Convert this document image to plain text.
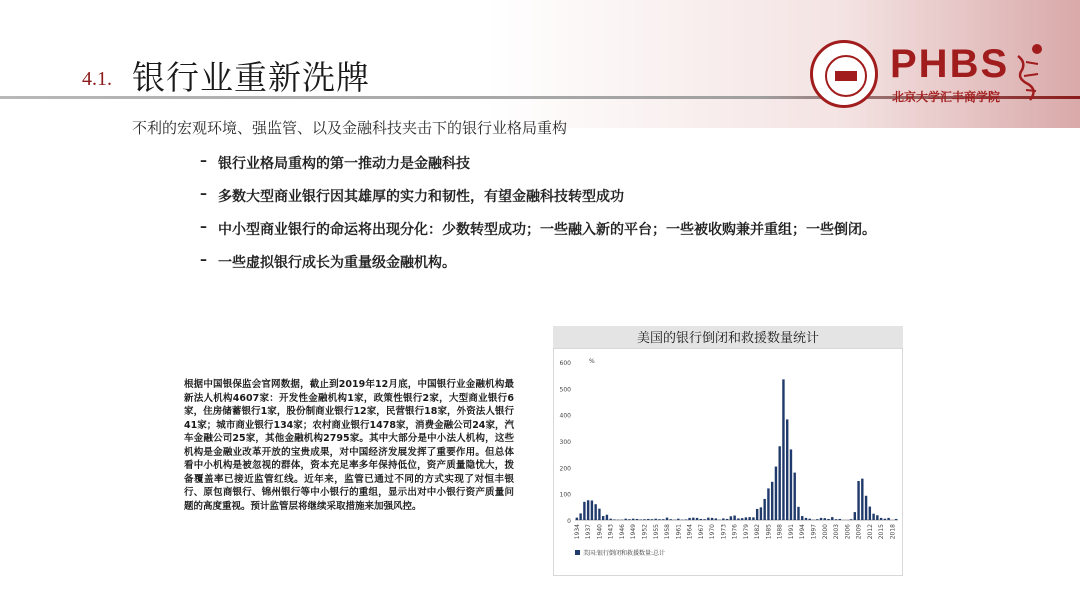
4.1. 银行业重新洗牌
不利的宏观环境、强监管、以及金融科技夹击下的银行业格局重构
PHBS
北京大学汇丰商学院
– 银行业格局重构的第一推动力是金融科技
– 多数大型商业银行因其雄厚的实力和韧性，有望金融科技转型成功
– 中小型商业银行的命运将出现分化：少数转型成功；一些融入新的平台；一些被收购兼并重组；一些倒闭。
– 一些虚拟银行成长为重量级金融机构。
根据中国银保监会官网数据，截止到2019年12月底，中国银行业金融机构最新法人机构4607家：开发性金融机构1家，政策性银行2家，大型商业银行6家，住房储蓄银行1家，股份制商业银行12家，民营银行18家，外资法人银行41家；城市商业银行134家；农村商业银行1478家，消费金融公司24家，汽车金融公司25家，其他金融机构2795家。其中大部分是中小法人机构，这些机构是金融业改革开放的宝贵成果，对中国经济发展发挥了重要作用。但总体看中小机构是被忽视的群体，资本充足率多年保持低位，资产质量隐忧大，拨备覆盖率已接近监管红线。近年来，监管已通过不同的方式实现了对恒丰银行、原包商银行、锦州银行等中小银行的重组，显示出对中小银行资产质量问题的高度重视。预计监管层将继续采取措施来加强风控。
美国的银行倒闭和救援数量统计
0
100
200
300
400
500
600	%
1934 1937 1940 1943 1946 1949 1952 1955 1958 1961 1964 1967 1970 1973 1976 1979 1982 1985 1988 1991 1994 1997 2000 2003 2006 2009 2012 2015 2018
美国:银行倒闭和救援数量:总计
